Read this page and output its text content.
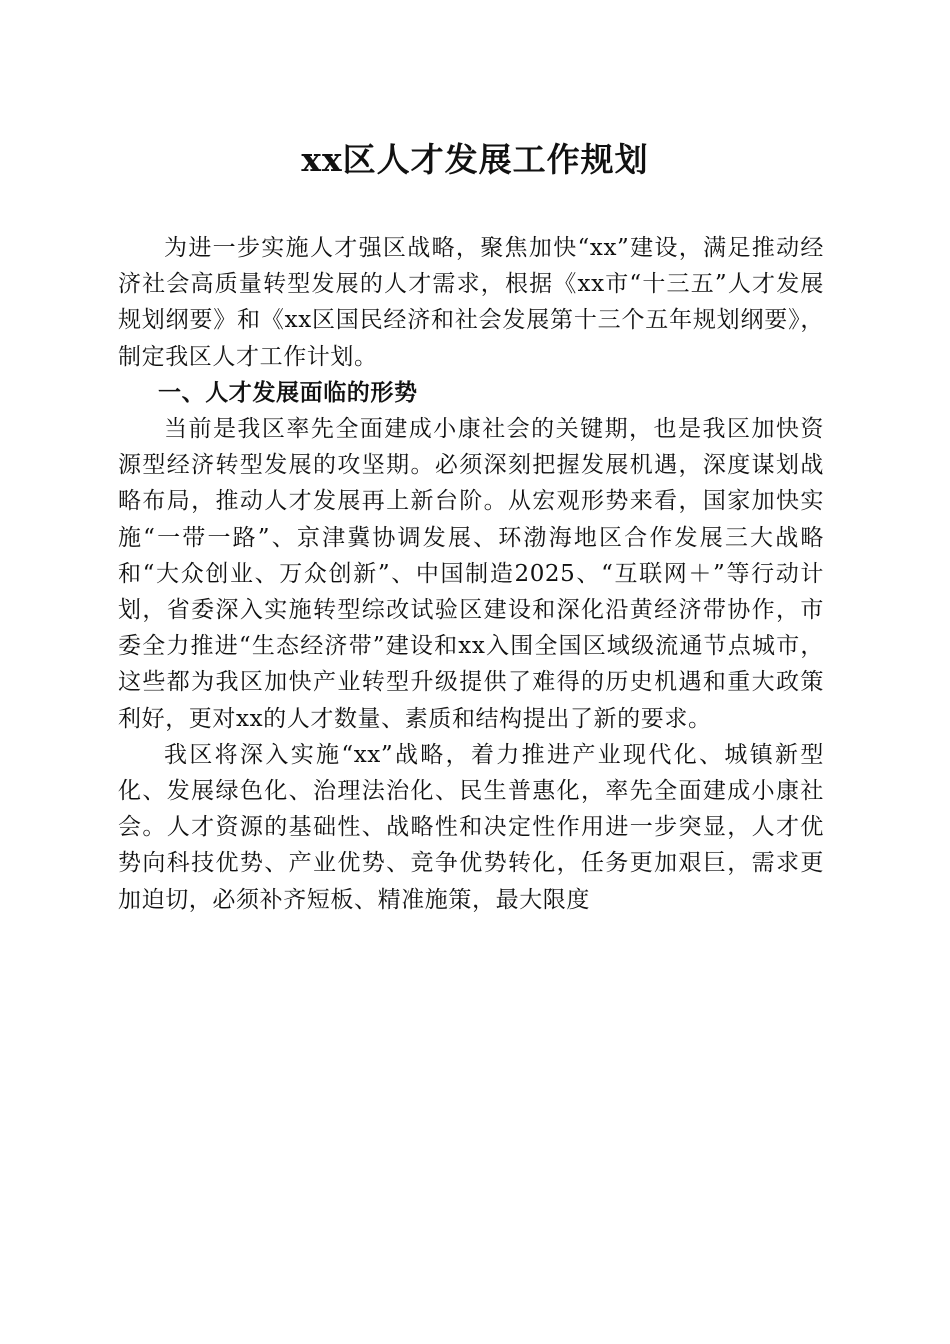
xx区人才发展工作规划

为进一步实施人才强区战略，聚焦加快“xx”建设，满足推动经济社会高质量转型发展的人才需求，根据《xx市“十三五”人才发展规划纲要》和《xx区国民经济和社会发展第十三个五年规划纲要》，制定我区人才工作计划。

一、人才发展面临的形势

当前是我区率先全面建成小康社会的关键期，也是我区加快资源型经济转型发展的攻坚期。必须深刻把握发展机遇，深度谋划战略布局，推动人才发展再上新台阶。从宏观形势来看，国家加快实施“一带一路”、京津冀协调发展、环渤海地区合作发展三大战略和“大众创业、万众创新”、中国制造2025、“互联网＋”等行动计划，省委深入实施转型综改试验区建设和深化沿黄经济带协作，市委全力推进“生态经济带”建设和xx入围全国区域级流通节点城市，这些都为我区加快产业转型升级提供了难得的历史机遇和重大政策利好，更对xx的人才数量、素质和结构提出了新的要求。

我区将深入实施“xx”战略，着力推进产业现代化、城镇新型化、发展绿色化、治理法治化、民生普惠化，率先全面建成小康社会。人才资源的基础性、战略性和决定性作用进一步突显，人才优势向科技优势、产业优势、竞争优势转化，任务更加艰巨，需求更加迫切，必须补齐短板、精准施策，最大限度
